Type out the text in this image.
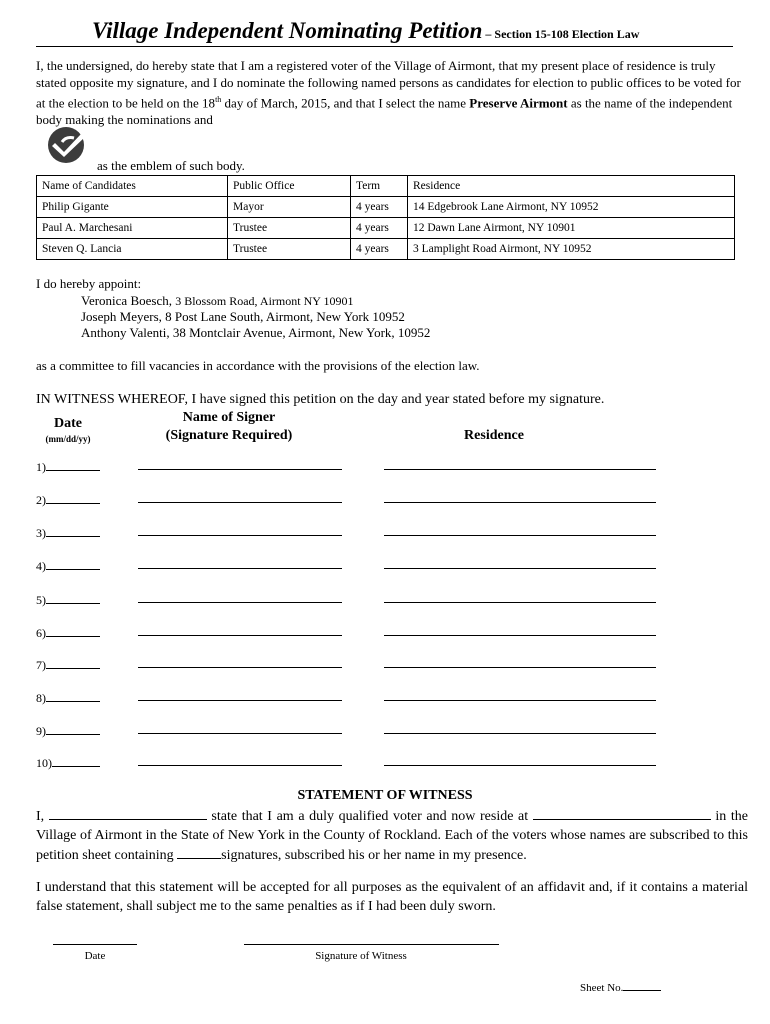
Village Independent Nominating Petition – Section 15-108 Election Law
I, the undersigned, do hereby state that I am a registered voter of the Village of Airmont, that my present place of residence is truly stated opposite my signature, and I do nominate the following named persons as candidates for election to public offices to be voted for at the election to be held on the 18th day of March, 2015, and that I select the name Preserve Airmont as the name of the independent body making the nominations and
as the emblem of such body.
Name of Candidates	Public Office	Term	Residence
Philip Gigante	Mayor	4 years	14 Edgebrook Lane Airmont, NY 10952
Paul A. Marchesani	Trustee	4 years	12 Dawn Lane Airmont, NY 10901
Steven Q. Lancia	Trustee	4 years	3 Lamplight Road Airmont, NY 10952
I do hereby appoint:
Veronica Boesch, 3 Blossom Road, Airmont NY 10901
Joseph Meyers, 8 Post Lane South, Airmont, New York 10952
Anthony Valenti, 38 Montclair Avenue, Airmont, New York, 10952
as a committee to fill vacancies in accordance with the provisions of the election law.
IN WITNESS WHEREOF, I have signed this petition on the day and year stated before my signature.
Date
(mm/dd/yy)
Name of Signer
(Signature Required)	Residence
1)
2)
3)
4)
5)
6)
7)
8)
9)
10)
STATEMENT OF WITNESS
I,	state that I am a duly qualified voter and now reside at	in the Village of Airmont in the State of New York in the County of Rockland. Each of the voters whose names are subscribed to this petition sheet containing	signatures, subscribed his or her name in my presence.
I understand that this statement will be accepted for all purposes as the equivalent of an affidavit and, if it contains a material false statement, shall subject me to the same penalties as if I had been duly sworn.
Date	Signature of Witness
Sheet No.
